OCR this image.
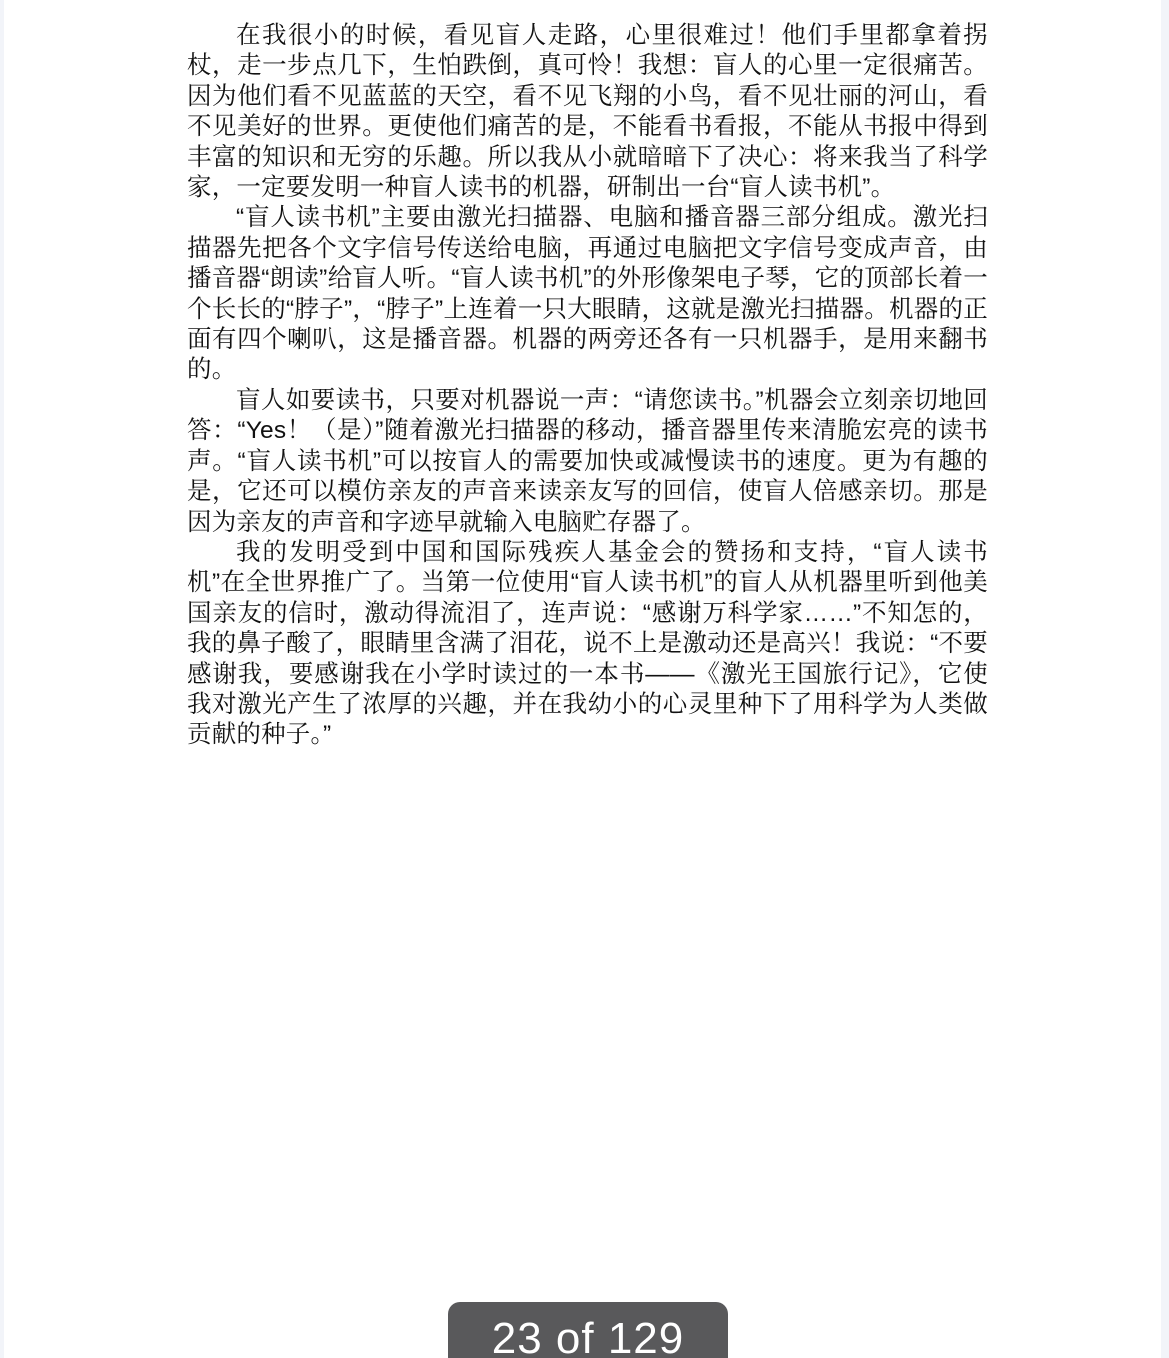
在我很小的时候，看见盲人走路，心里很难过！他们手里都拿着拐杖，走一步点几下，生怕跌倒，真可怜！我想：盲人的心里一定很痛苦。因为他们看不见蓝蓝的天空，看不见飞翔的小鸟，看不见壮丽的河山，看不见美好的世界。更使他们痛苦的是，不能看书看报，不能从书报中得到丰富的知识和无穷的乐趣。所以我从小就暗暗下了决心：将来我当了科学家，一定要发明一种盲人读书的机器，研制出一台“盲人读书机”。

“盲人读书机”主要由激光扫描器、电脑和播音器三部分组成。激光扫描器先把各个文字信号传送给电脑，再通过电脑把文字信号变成声音，由播音器“朗读”给盲人听。“盲人读书机”的外形像架电子琴，它的顶部长着一个长长的“脖子”，“脖子”上连着一只大眼睛，这就是激光扫描器。机器的正面有四个喇叭，这是播音器。机器的两旁还各有一只机器手，是用来翻书的。

盲人如要读书，只要对机器说一声：“请您读书。”机器会立刻亲切地回答：“Yes！（是）”随着激光扫描器的移动，播音器里传来清脆宏亮的读书声。“盲人读书机”可以按盲人的需要加快或减慢读书的速度。更为有趣的是，它还可以模仿亲友的声音来读亲友写的回信，使盲人倍感亲切。那是因为亲友的声音和字迹早就输入电脑贮存器了。

我的发明受到中国和国际残疾人基金会的赞扬和支持，“盲人读书机”在全世界推广了。当第一位使用“盲人读书机”的盲人从机器里听到他美国亲友的信时，激动得流泪了，连声说：“感谢万科学家……”不知怎的，我的鼻子酸了，眼睛里含满了泪花，说不上是激动还是高兴！我说：“不要感谢我，要感谢我在小学时读过的一本书——《激光王国旅行记》，它使我对激光产生了浓厚的兴趣，并在我幼小的心灵里种下了用科学为人类做贡献的种子。”

23 of 129
